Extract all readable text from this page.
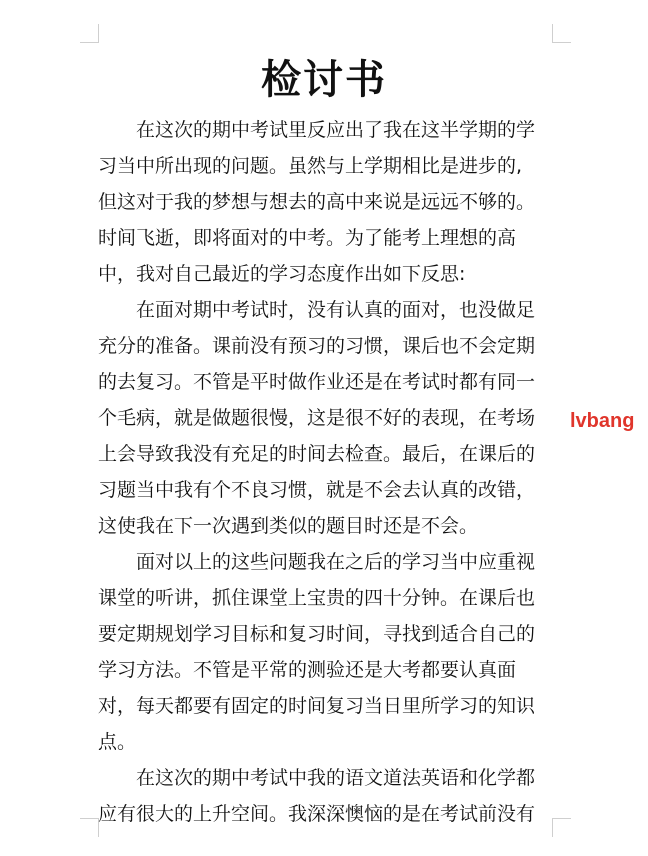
检讨书

在这次的期中考试里反应出了我在这半学期的学

习当中所出现的问题。虽然与上学期相比是进步的,

但这对于我的梦想与想去的高中来说是远远不够的。

时间飞逝，即将面对的中考。为了能考上理想的高

中，我对自己最近的学习态度作出如下反思:

在面对期中考试时，没有认真的面对，也没做足

充分的准备。课前没有预习的习惯，课后也不会定期

的去复习。不管是平时做作业还是在考试时都有同一

个毛病，就是做题很慢，这是很不好的表现，在考场

上会导致我没有充足的时间去检查。最后，在课后的

习题当中我有个不良习惯，就是不会去认真的改错，

这使我在下一次遇到类似的题目时还是不会。

面对以上的这些问题我在之后的学习当中应重视

课堂的听讲，抓住课堂上宝贵的四十分钟。在课后也

要定期规划学习目标和复习时间，寻找到适合自己的

学习方法。不管是平常的测验还是大考都要认真面

对，每天都要有固定的时间复习当日里所学习的知识

点。

在这次的期中考试中我的语文道法英语和化学都

应有很大的上升空间。我深深懊恼的是在考试前没有

lvbang
